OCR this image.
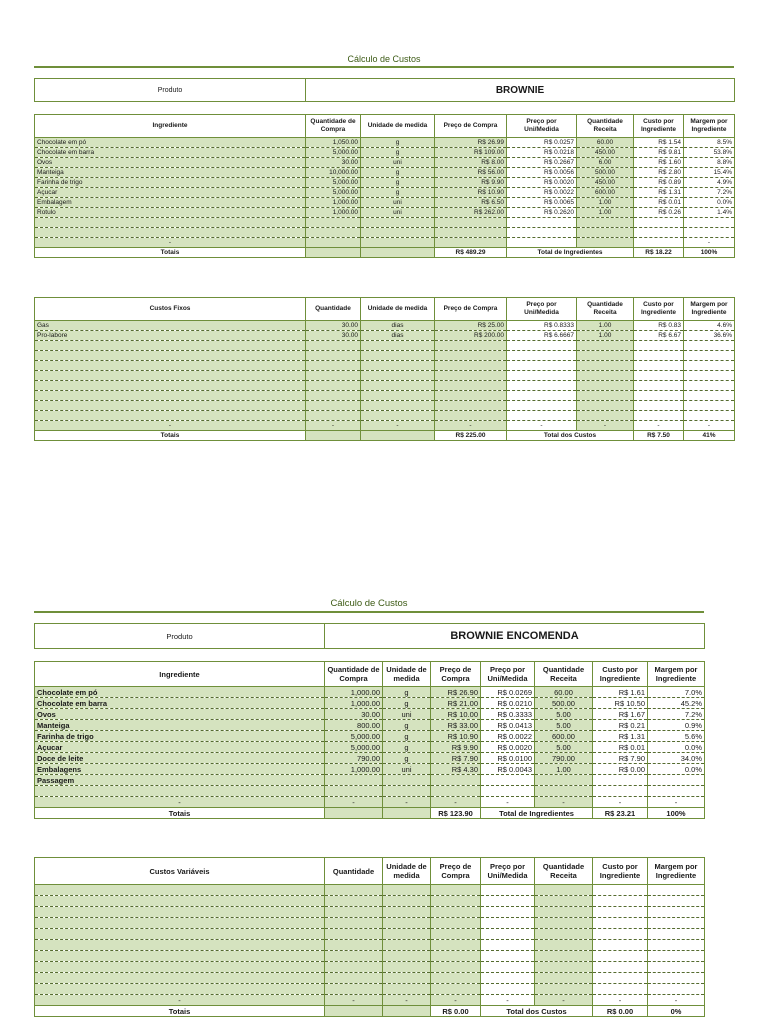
Cálculo de Custos
Produto	BROWNIE
Ingrediente	Quantidade de Compra	Unidade de medida	Preço de Compra	Preço por Uni/Medida	Quantidade Receita	Custo por Ingrediente	Margem por Ingrediente
Chocolate em pó	1,050.00	g	R$ 26.99	R$ 0.0257	60.00	R$ 1.54	8.5%
Chocolate em barra	5,000.00	g	R$ 109.00	R$ 0.0218	450.00	R$ 9.81	53.8%
Ovos	30.00	uni	R$ 8.00	R$ 0.2667	6.00	R$ 1.60	8.8%
Manteiga	10,000.00	g	R$ 56.00	R$ 0.0056	500.00	R$ 2.80	15.4%
Farinha de trigo	5,000.00	g	R$ 9.90	R$ 0.0020	450.00	R$ 0.89	4.9%
Açucar	5,000.00	g	R$ 10.90	R$ 0.0022	600.00	R$ 1.31	7.2%
Embalagem	1,000.00	uni	R$ 6.50	R$ 0.0065	1.00	R$ 0.01	0.0%
Rotulo	1,000.00	uni	R$ 262.00	R$ 0.2620	1.00	R$ 0.26	1.4%

-							-
Totais			R$ 489.29	Total de Ingredientes		R$ 18.22	100%
Custos Fixos	Quantidade	Unidade de medida	Preço de Compra	Preço por Uni/Medida	Quantidade Receita	Custo por Ingrediente	Margem por Ingrediente
Gas	30.00	dias	R$ 25.00	R$ 0.8333	1.00	R$ 0.83	4.6%
Pro-labore	30.00	dias	R$ 200.00	R$ 6.6667	1.00	R$ 6.67	36.6%

-	-	-	-	-	-	-	-
Totais			R$ 225.00	Total dos Custos		R$ 7.50	41%
Cálculo de Custos
Produto	BROWNIE ENCOMENDA
Ingrediente	Quantidade de Compra	Unidade de medida	Preço de Compra	Preço por Uni/Medida	Quantidade Receita	Custo por Ingrediente	Margem por Ingrediente
Chocolate em pó	1,000.00	g	R$ 26.90	R$ 0.0269	60.00	R$ 1.61	7.0%
Chocolate em barra	1,000.00	g	R$ 21.00	R$ 0.0210	500.00	R$ 10.50	45.2%
Ovos	30.00	uni	R$ 10.00	R$ 0.3333	5.00	R$ 1.67	7.2%
Manteiga	800.00	g	R$ 33.00	R$ 0.0413	5.00	R$ 0.21	0.9%
Farinha de trigo	5,000.00	g	R$ 10.90	R$ 0.0022	600.00	R$ 1.31	5.6%
Açucar	5,000.00	g	R$ 9.90	R$ 0.0020	5.00	R$ 0.01	0.0%
Doce de leite	790.00	g	R$ 7.90	R$ 0.0100	790.00	R$ 7.90	34.0%
Embalagens	1,000.00	uni	R$ 4.30	R$ 0.0043	1.00	R$ 0.00	0.0%
Passagem							

-	-	-	-	-	-	-	-
Totais			R$ 123.90	Total de Ingredientes		R$ 23.21	100%
Custos Variáveis	Quantidade	Unidade de medida	Preço de Compra	Preço por Uni/Medida	Quantidade Receita	Custo por Ingrediente	Margem por Ingrediente

-	-	-	-	-	-	-	-
Totais			R$ 0.00	Total dos Custos		R$ 0.00	0%
